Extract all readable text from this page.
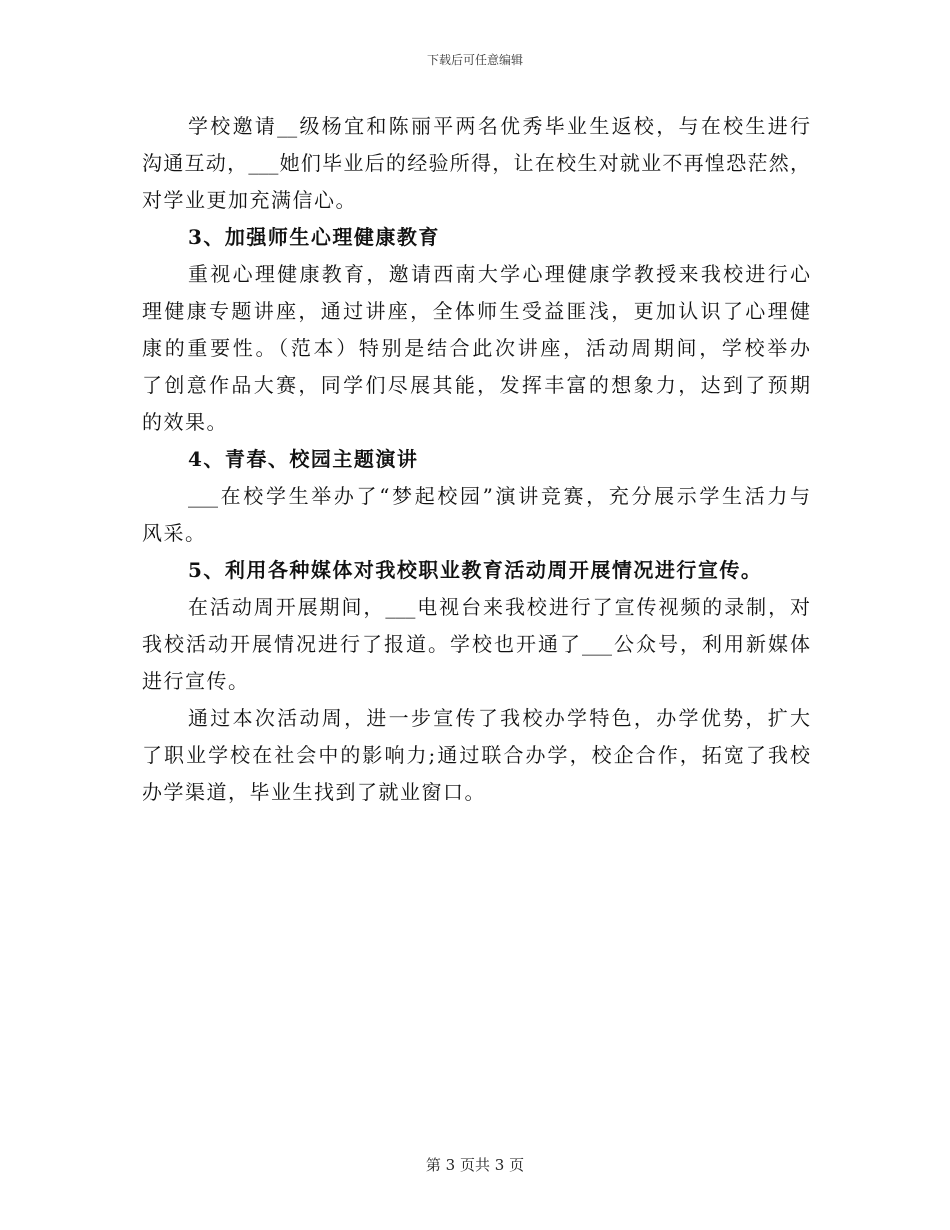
下载后可任意编辑
学校邀请__级杨宜和陈丽平两名优秀毕业生返校，与在校生进行
沟通互动，___她们毕业后的经验所得，让在校生对就业不再惶恐茫然，
对学业更加充满信心。
3、加强师生心理健康教育
重视心理健康教育，邀请西南大学心理健康学教授来我校进行心
理健康专题讲座，通过讲座，全体师生受益匪浅，更加认识了心理健
康的重要性。（范本）特别是结合此次讲座，活动周期间，学校举办
了创意作品大赛，同学们尽展其能，发挥丰富的想象力，达到了预期
的效果。
4、青春、校园主题演讲
___在校学生举办了“梦起校园”演讲竞赛，充分展示学生活力与
风采。
5、利用各种媒体对我校职业教育活动周开展情况进行宣传。
在活动周开展期间，___电视台来我校进行了宣传视频的录制，对
我校活动开展情况进行了报道。学校也开通了___公众号，利用新媒体
进行宣传。
通过本次活动周，进一步宣传了我校办学特色，办学优势，扩大
了职业学校在社会中的影响力;通过联合办学，校企合作，拓宽了我校
办学渠道，毕业生找到了就业窗口。
第 3 页共 3 页
